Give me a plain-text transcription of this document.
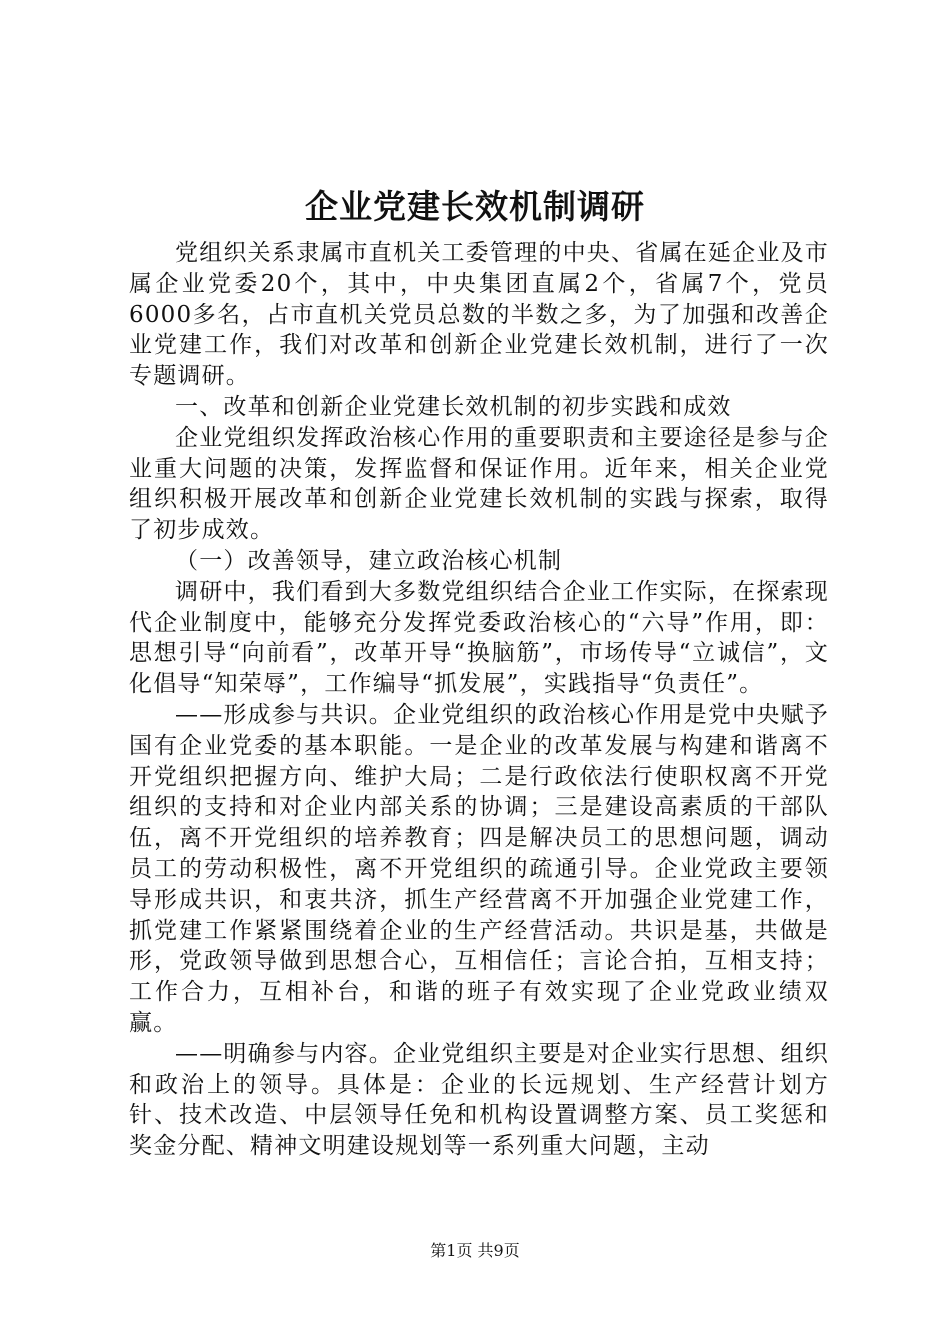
企业党建长效机制调研

党组织关系隶属市直机关工委管理的中央、省属在延企业及市属企业党委20个，其中，中央集团直属2个，省属7个，党员6000多名，占市直机关党员总数的半数之多，为了加强和改善企业党建工作，我们对改革和创新企业党建长效机制，进行了一次专题调研。

一、改革和创新企业党建长效机制的初步实践和成效

企业党组织发挥政治核心作用的重要职责和主要途径是参与企业重大问题的决策，发挥监督和保证作用。近年来，相关企业党组织积极开展改革和创新企业党建长效机制的实践与探索，取得了初步成效。

（一）改善领导，建立政治核心机制

调研中，我们看到大多数党组织结合企业工作实际，在探索现代企业制度中，能够充分发挥党委政治核心的“六导”作用，即：思想引导“向前看”，改革开导“换脑筋”，市场传导“立诚信”，文化倡导“知荣辱”，工作编导“抓发展”，实践指导“负责任”。

——形成参与共识。企业党组织的政治核心作用是党中央赋予国有企业党委的基本职能。一是企业的改革发展与构建和谐离不开党组织把握方向、维护大局；二是行政依法行使职权离不开党组织的支持和对企业内部关系的协调；三是建设高素质的干部队伍，离不开党组织的培养教育；四是解决员工的思想问题，调动员工的劳动积极性，离不开党组织的疏通引导。企业党政主要领导形成共识，和衷共济，抓生产经营离不开加强企业党建工作，抓党建工作紧紧围绕着企业的生产经营活动。共识是基，共做是形，党政领导做到思想合心，互相信任；言论合拍，互相支持；工作合力，互相补台，和谐的班子有效实现了企业党政业绩双赢。

——明确参与内容。企业党组织主要是对企业实行思想、组织和政治上的领导。具体是：企业的长远规划、生产经营计划方针、技术改造、中层领导任免和机构设置调整方案、员工奖惩和奖金分配、精神文明建设规划等一系列重大问题，主动

第1页 共9页
